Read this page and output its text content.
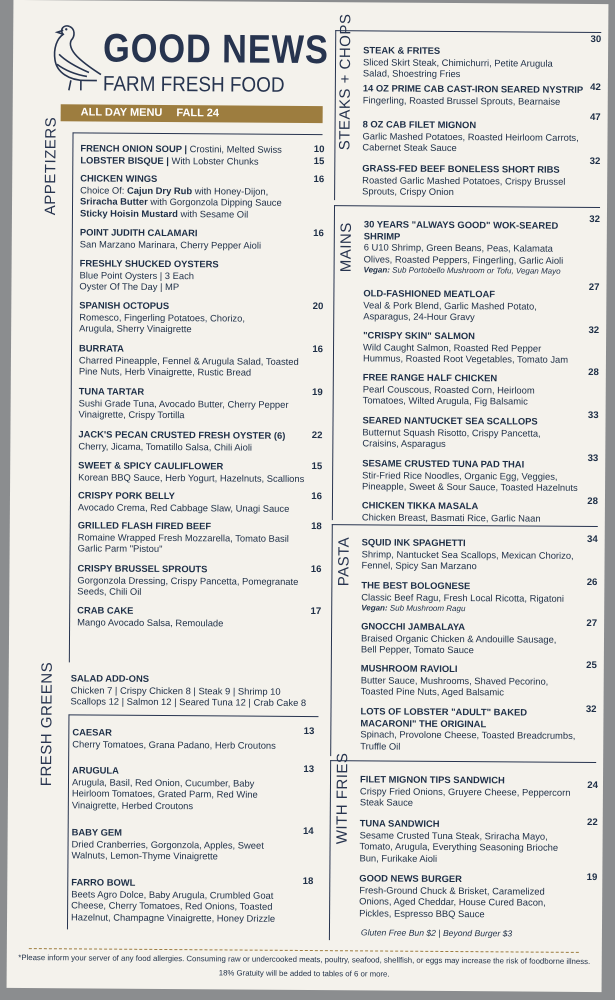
GOOD NEWS
FARM FRESH FOOD
ALL DAY MENU FALL 24
APPETIZERS
FRESH GREENS
STEAKS + CHOPS
MAINS
PASTA
WITH FRIES
FRENCH ONION SOUP | Crostini, Melted Swiss	10
LOBSTER BISQUE | With Lobster Chunks	15
CHICKEN WINGS
Choice Of: Cajun Dry Rub with Honey-Dijon,
Sriracha Butter with Gorgonzola Dipping Sauce
Sticky Hoisin Mustard with Sesame Oil
16
POINT JUDITH CALAMARI
San Marzano Marinara, Cherry Pepper Aioli
16
FRESHLY SHUCKED OYSTERS
Blue Point Oysters | 3 Each
Oyster Of The Day | MP
SPANISH OCTOPUS
Romesco, Fingerling Potatoes, Chorizo,
Arugula, Sherry Vinaigrette
20
BURRATA
Charred Pineapple, Fennel & Arugula Salad, Toasted
Pine Nuts, Herb Vinaigrette, Rustic Bread
16
TUNA TARTAR
Sushi Grade Tuna, Avocado Butter, Cherry Pepper
Vinaigrette, Crispy Tortilla
19
JACK'S PECAN CRUSTED FRESH OYSTER (6)
Cherry, Jicama, Tomatillo Salsa, Chili Aioli
22
SWEET & SPICY CAULIFLOWER
Korean BBQ Sauce, Herb Yogurt, Hazelnuts, Scallions
15
CRISPY PORK BELLY
Avocado Crema, Red Cabbage Slaw, Unagi Sauce
16
GRILLED FLASH FIRED BEEF
Romaine Wrapped Fresh Mozzarella, Tomato Basil
Garlic Parm "Pistou"
18
CRISPY BRUSSEL SPROUTS
Gorgonzola Dressing, Crispy Pancetta, Pomegranate
Seeds, Chili Oil
16
CRAB CAKE
Mango Avocado Salsa, Remoulade
17
SALAD ADD-ONS
Chicken 7 | Crispy Chicken 8 | Steak 9 | Shrimp 10
Scallops 12 | Salmon 12 | Seared Tuna 12 | Crab Cake 8
CAESAR
Cherry Tomatoes, Grana Padano, Herb Croutons
13
ARUGULA
Arugula, Basil, Red Onion, Cucumber, Baby
Heirloom Tomatoes, Grated Parm, Red Wine
Vinaigrette, Herbed Croutons
13
BABY GEM
Dried Cranberries, Gorgonzola, Apples, Sweet
Walnuts, Lemon-Thyme Vinaigrette
14
FARRO BOWL
Beets Agro Dolce, Baby Arugula, Crumbled Goat
Cheese, Cherry Tomatoes, Red Onions, Toasted
Hazelnut, Champagne Vinaigrette, Honey Drizzle
18
STEAK & FRITES
Sliced Skirt Steak, Chimichurri, Petite Arugula
Salad, Shoestring Fries
30
14 OZ PRIME CAB CAST-IRON SEARED NYSTRIP
Fingerling, Roasted Brussel Sprouts, Bearnaise
42
8 OZ CAB FILET MIGNON
Garlic Mashed Potatoes, Roasted Heirloom Carrots,
Cabernet Steak Sauce
47
GRASS-FED BEEF BONELESS SHORT RIBS
Roasted Garlic Mashed Potatoes, Crispy Brussel
Sprouts, Crispy Onion
32
30 YEARS "ALWAYS GOOD" WOK-SEARED
SHRIMP
6 U10 Shrimp, Green Beans, Peas, Kalamata
Olives, Roasted Peppers, Fingerling, Garlic Aioli
Vegan: Sub Portobello Mushroom or Tofu, Vegan Mayo
32
OLD-FASHIONED MEATLOAF
Veal & Pork Blend, Garlic Mashed Potato,
Asparagus, 24-Hour Gravy
27
"CRISPY SKIN" SALMON
Wild Caught Salmon, Roasted Red Pepper
Hummus, Roasted Root Vegetables, Tomato Jam
32
FREE RANGE HALF CHICKEN
Pearl Couscous, Roasted Corn, Heirloom
Tomatoes, Wilted Arugula, Fig Balsamic
28
SEARED NANTUCKET SEA SCALLOPS
Butternut Squash Risotto, Crispy Pancetta,
Craisins, Asparagus
33
SESAME CRUSTED TUNA PAD THAI
Stir-Fried Rice Noodles, Organic Egg, Veggies,
Pineapple, Sweet & Sour Sauce, Toasted Hazelnuts
33
CHICKEN TIKKA MASALA
Chicken Breast, Basmati Rice, Garlic Naan
28
SQUID INK SPAGHETTI
Shrimp, Nantucket Sea Scallops, Mexican Chorizo,
Fennel, Spicy San Marzano
34
THE BEST BOLOGNESE
Classic Beef Ragu, Fresh Local Ricotta, Rigatoni
Vegan: Sub Mushroom Ragu
26
GNOCCHI JAMBALAYA
Braised Organic Chicken & Andouille Sausage,
Bell Pepper, Tomato Sauce
27
MUSHROOM RAVIOLI
Butter Sauce, Mushrooms, Shaved Pecorino,
Toasted Pine Nuts, Aged Balsamic
25
LOTS OF LOBSTER "ADULT" BAKED
MACARONI" THE ORIGINAL
Spinach, Provolone Cheese, Toasted Breadcrumbs,
Truffle Oil
32
FILET MIGNON TIPS SANDWICH
Crispy Fried Onions, Gruyere Cheese, Peppercorn
Steak Sauce
24
TUNA SANDWICH
Sesame Crusted Tuna Steak, Sriracha Mayo,
Tomato, Arugula, Everything Seasoning Brioche
Bun, Furikake Aioli
22
GOOD NEWS BURGER
Fresh-Ground Chuck & Brisket, Caramelized
Onions, Aged Cheddar, House Cured Bacon,
Pickles, Espresso BBQ Sauce
19
Gluten Free Bun $2 | Beyond Burger $3
*Please inform your server of any food allergies. Consuming raw or undercooked meats, poultry, seafood, shellfish, or eggs may increase the risk of foodborne illness.
18% Gratuity will be added to tables of 6 or more.
